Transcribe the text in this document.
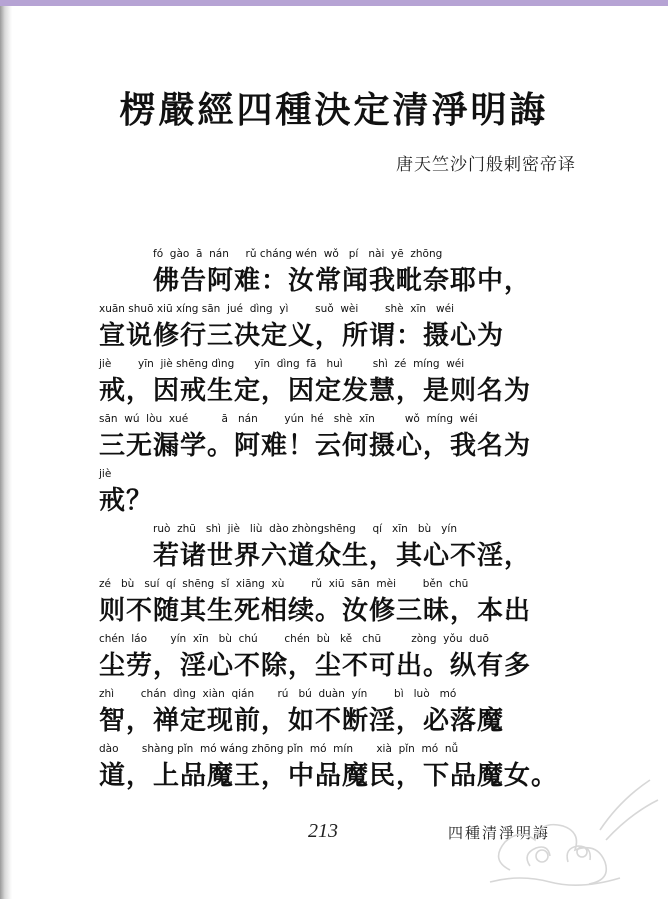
楞嚴經四種決定清淨明誨
唐天竺沙门般剌密帝译
fó  gào  ā  nán     rǔ cháng wén  wǒ   pí   nài  yē  zhōng
佛告阿难：汝常闻我毗奈耶中，
xuān shuō xiū xíng sān  jué  dìng  yì        suǒ  wèi        shè  xīn   wéi
宣说修行三决定义，所谓：摄心为
jiè        yīn  jiè shēng dìng      yīn  dìng  fā   huì         shì  zé  míng  wéi
戒，因戒生定，因定发慧，是则名为
sān  wú  lòu  xué          ā   nán        yún  hé   shè  xīn         wǒ  míng  wéi
三无漏学。阿难！云何摄心，我名为
jiè
戒？
ruò  zhū   shì  jiè   liù  dào zhòngshēng     qí   xīn   bù   yín
若诸世界六道众生，其心不淫，
zé   bù   suí  qí  shēng  sǐ  xiāng  xù        rǔ  xiū  sān  mèi        běn  chū
则不随其生死相续。汝修三昧，本出
chén  láo       yín  xīn   bù  chú        chén  bù   kě   chū         zòng  yǒu  duō
尘劳，淫心不除，尘不可出。纵有多
zhì        chán  dìng  xiàn  qián       rú   bú  duàn  yín        bì   luò   mó
智，禅定现前，如不断淫，必落魔
dào       shàng pǐn  mó wáng zhōng pǐn  mó  mín       xià  pǐn  mó  nǚ
道，上品魔王，中品魔民，下品魔女。
213	四種清淨明誨
